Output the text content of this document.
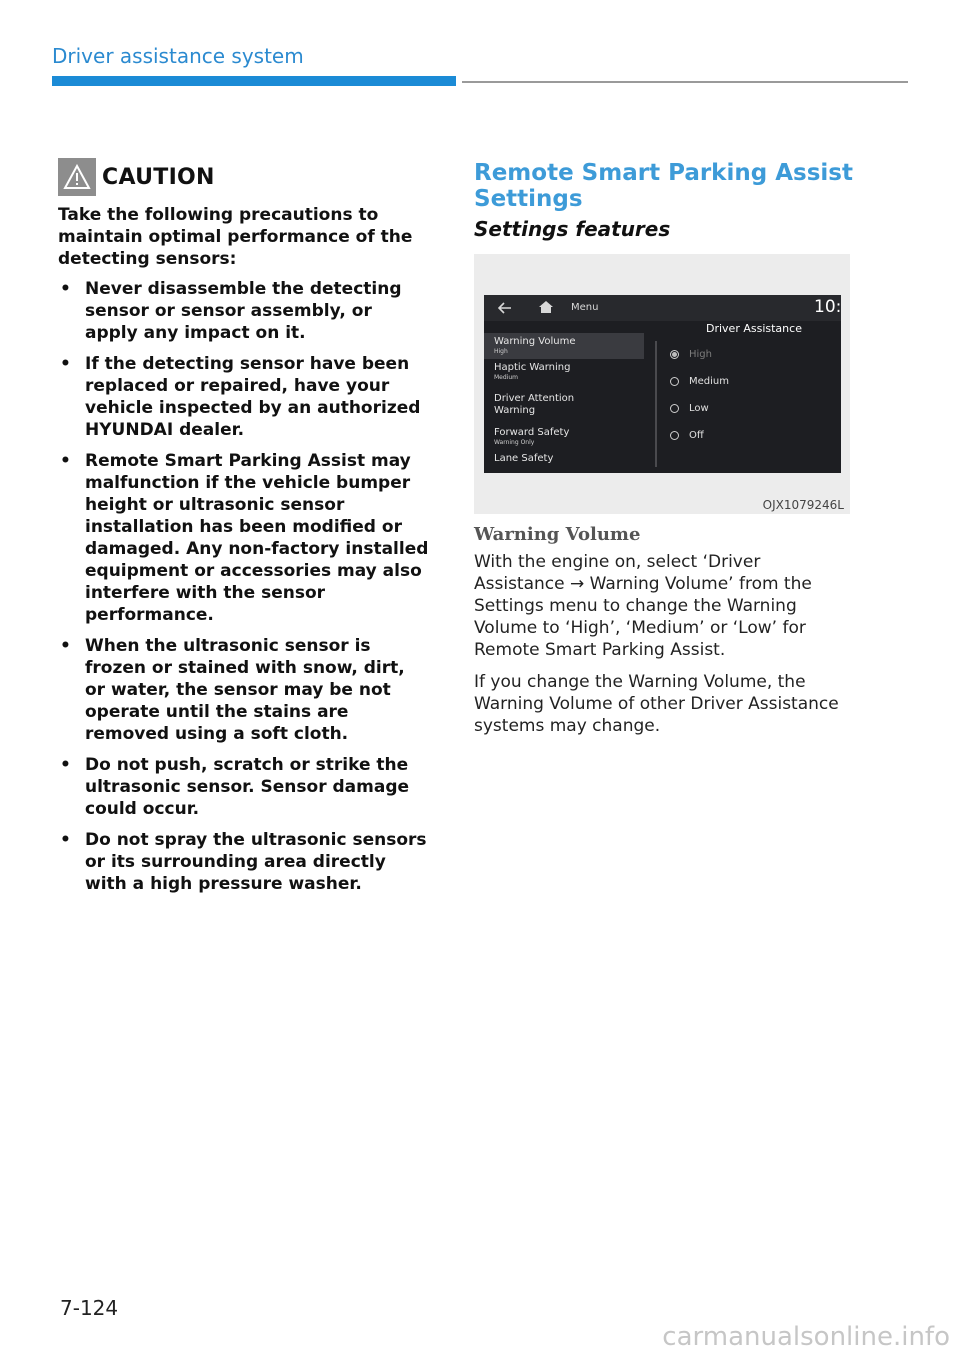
Driver assistance system
CAUTION

Take the following precautions to maintain optimal performance of the detecting sensors:

• Never disassemble the detecting sensor or sensor assembly, or apply any impact on it.
• If the detecting sensor have been replaced or repaired, have your vehicle inspected by an authorized HYUNDAI dealer.
• Remote Smart Parking Assist may malfunction if the vehicle bumper height or ultrasonic sensor installation has been modified or damaged. Any non-factory installed equipment or accessories may also interfere with the sensor performance.
• When the ultrasonic sensor is frozen or stained with snow, dirt, or water, the sensor may be not operate until the stains are removed using a soft cloth.
• Do not push, scratch or strike the ultrasonic sensor. Sensor damage could occur.
• Do not spray the ultrasonic sensors or its surrounding area directly with a high pressure washer.
Remote Smart Parking Assist Settings
Settings features
Menu	10:
Driver Assistance
Warning Volume
High
Haptic Warning
Medium
Driver Attention Warning
Forward Safety
Warning Only
Lane Safety
High
Medium
Low
Off
OJX1079246L
Warning Volume

With the engine on, select ‘Driver Assistance → Warning Volume’ from the Settings menu to change the Warning Volume to ‘High’, ‘Medium’ or ‘Low’ for Remote Smart Parking Assist.

If you change the Warning Volume, the Warning Volume of other Driver Assistance systems may change.

7-124
carmanualsonline.info
